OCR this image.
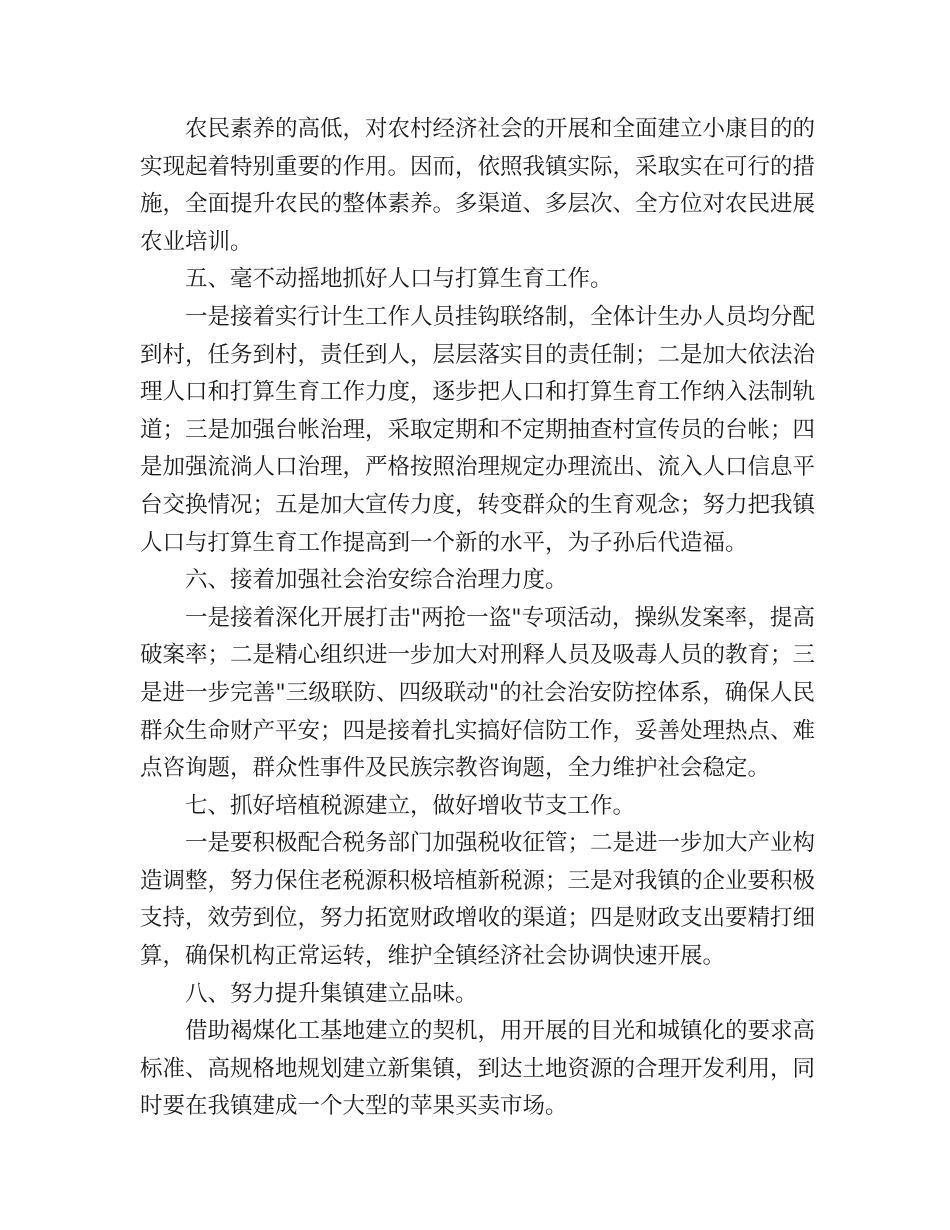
农民素养的高低，对农村经济社会的开展和全面建立小康目的的实现起着特别重要的作用。因而，依照我镇实际，采取实在可行的措施，全面提升农民的整体素养。多渠道、多层次、全方位对农民进展农业培训。

五、毫不动摇地抓好人口与打算生育工作。

一是接着实行计生工作人员挂钩联络制，全体计生办人员均分配到村，任务到村，责任到人，层层落实目的责任制；二是加大依法治理人口和打算生育工作力度，逐步把人口和打算生育工作纳入法制轨道；三是加强台帐治理，采取定期和不定期抽查村宣传员的台帐；四是加强流淌人口治理，严格按照治理规定办理流出、流入人口信息平台交换情况；五是加大宣传力度，转变群众的生育观念；努力把我镇人口与打算生育工作提高到一个新的水平，为子孙后代造福。

六、接着加强社会治安综合治理力度。

一是接着深化开展打击"两抢一盗"专项活动，操纵发案率，提高破案率；二是精心组织进一步加大对刑释人员及吸毒人员的教育；三是进一步完善"三级联防、四级联动"的社会治安防控体系，确保人民群众生命财产平安；四是接着扎实搞好信防工作，妥善处理热点、难点咨询题，群众性事件及民族宗教咨询题，全力维护社会稳定。

七、抓好培植税源建立，做好增收节支工作。

一是要积极配合税务部门加强税收征管；二是进一步加大产业构造调整，努力保住老税源积极培植新税源；三是对我镇的企业要积极支持，效劳到位，努力拓宽财政增收的渠道；四是财政支出要精打细算，确保机构正常运转，维护全镇经济社会协调快速开展。

八、努力提升集镇建立品味。

借助褐煤化工基地建立的契机，用开展的目光和城镇化的要求高标准、高规格地规划建立新集镇，到达土地资源的合理开发利用，同时要在我镇建成一个大型的苹果买卖市场。
